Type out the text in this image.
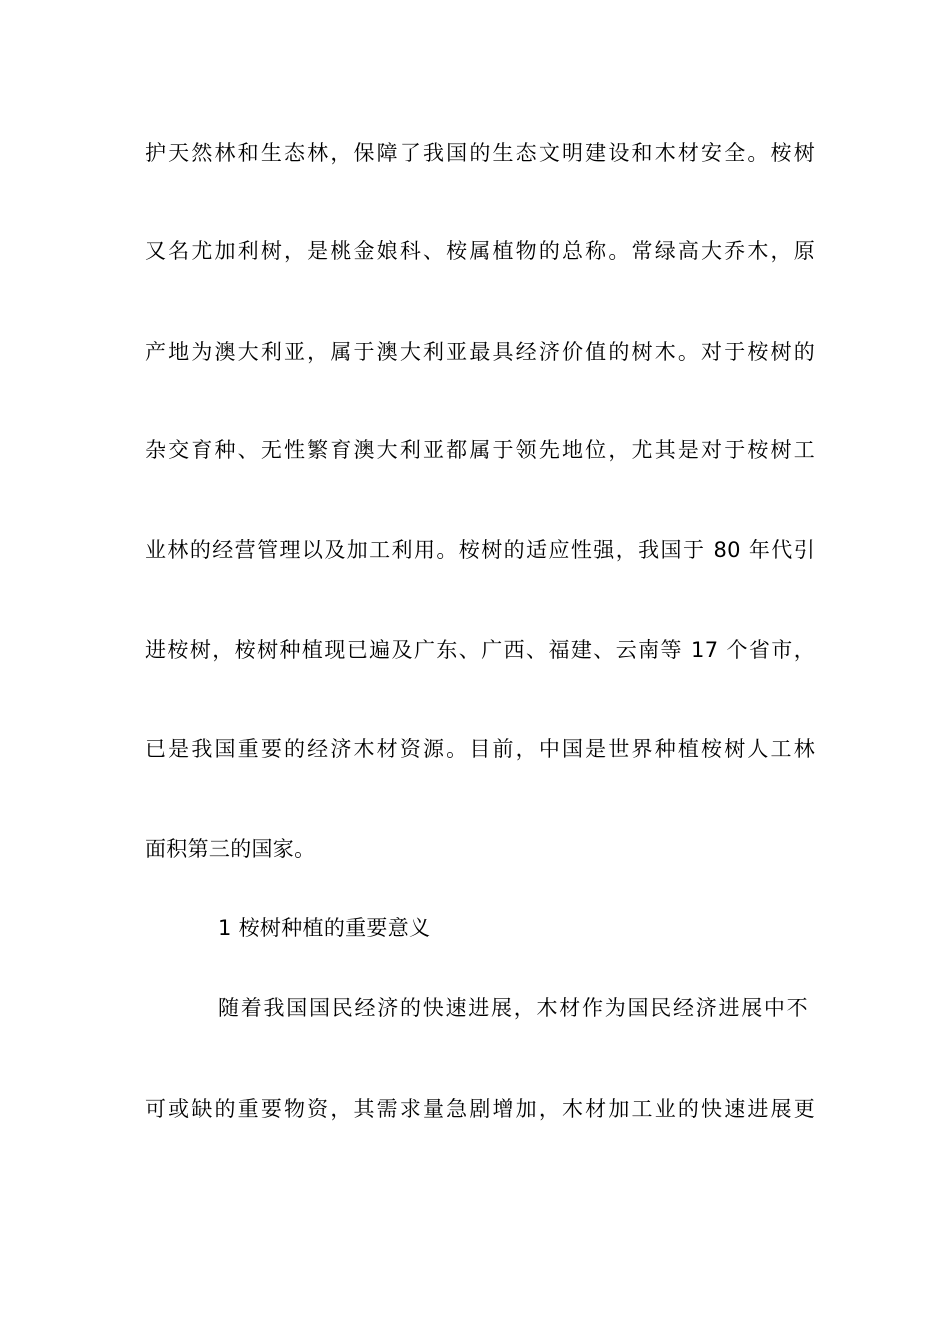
护天然林和生态林，保障了我国的生态文明建设和木材安全。桉树
又名尤加利树，是桃金娘科、桉属植物的总称。常绿高大乔木，原
产地为澳大利亚，属于澳大利亚最具经济价值的树木。对于桉树的
杂交育种、无性繁育澳大利亚都属于领先地位，尤其是对于桉树工
业林的经营管理以及加工利用。桉树的适应性强，我国于 80 年代引
进桉树，桉树种植现已遍及广东、广西、福建、云南等 17 个省市，
已是我国重要的经济木材资源。目前，中国是世界种植桉树人工林
面积第三的国家。
1 桉树种植的重要意义
随着我国国民经济的快速进展，木材作为国民经济进展中不
可或缺的重要物资，其需求量急剧增加，木材加工业的快速进展更
